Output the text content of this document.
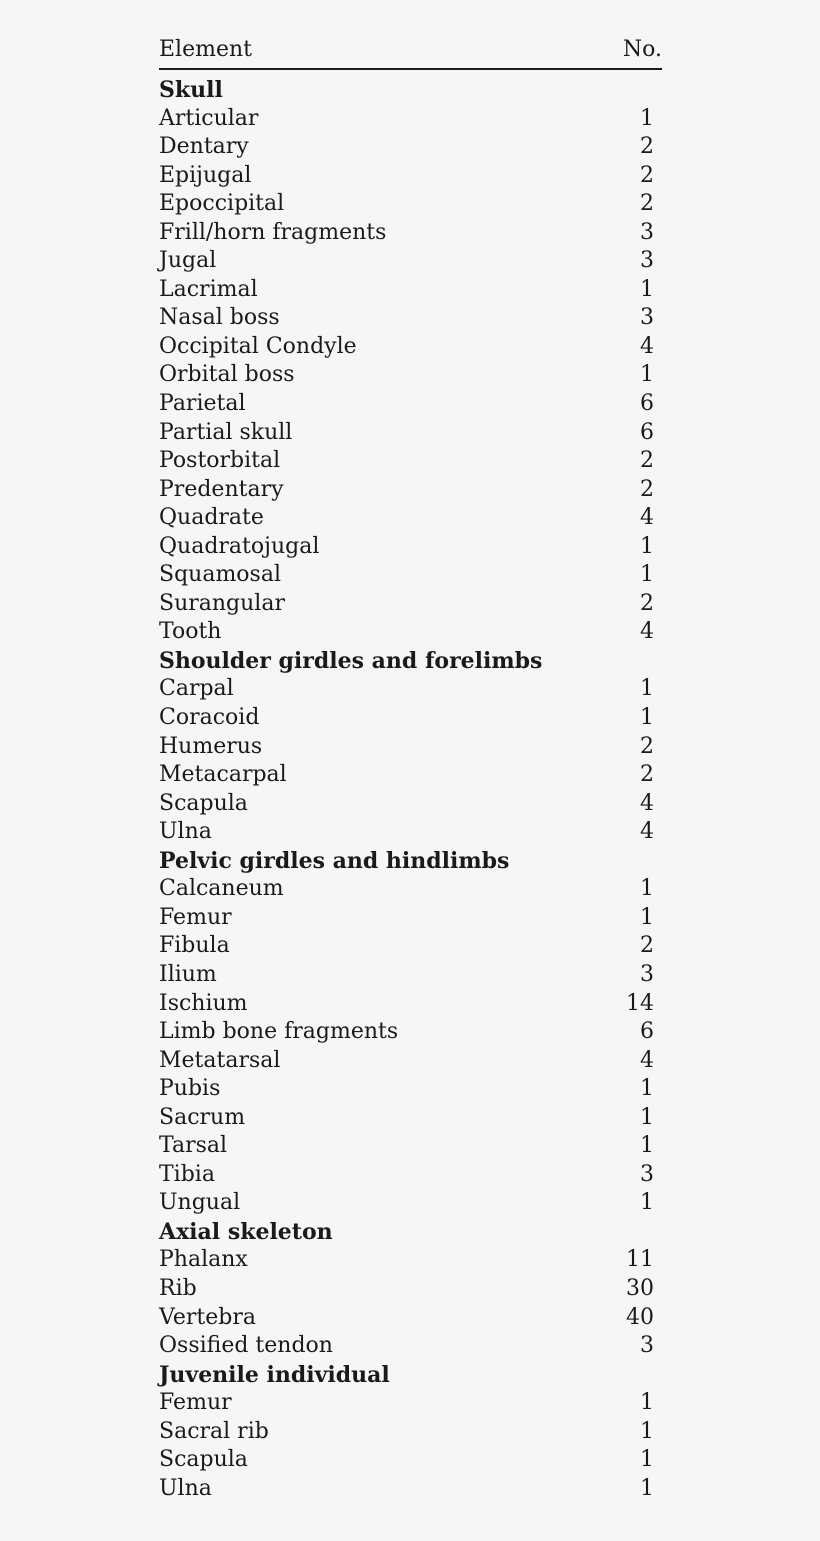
Element	No.
Skull
Articular	1
Dentary	2
Epijugal	2
Epoccipital	2
Frill/horn fragments	3
Jugal	3
Lacrimal	1
Nasal boss	3
Occipital Condyle	4
Orbital boss	1
Parietal	6
Partial skull	6
Postorbital	2
Predentary	2
Quadrate	4
Quadratojugal	1
Squamosal	1
Surangular	2
Tooth	4
Shoulder girdles and forelimbs
Carpal	1
Coracoid	1
Humerus	2
Metacarpal	2
Scapula	4
Ulna	4
Pelvic girdles and hindlimbs
Calcaneum	1
Femur	1
Fibula	2
Ilium	3
Ischium	14
Limb bone fragments	6
Metatarsal	4
Pubis	1
Sacrum	1
Tarsal	1
Tibia	3
Ungual	1
Axial skeleton
Phalanx	11
Rib	30
Vertebra	40
Ossified tendon	3
Juvenile individual
Femur	1
Sacral rib	1
Scapula	1
Ulna	1
